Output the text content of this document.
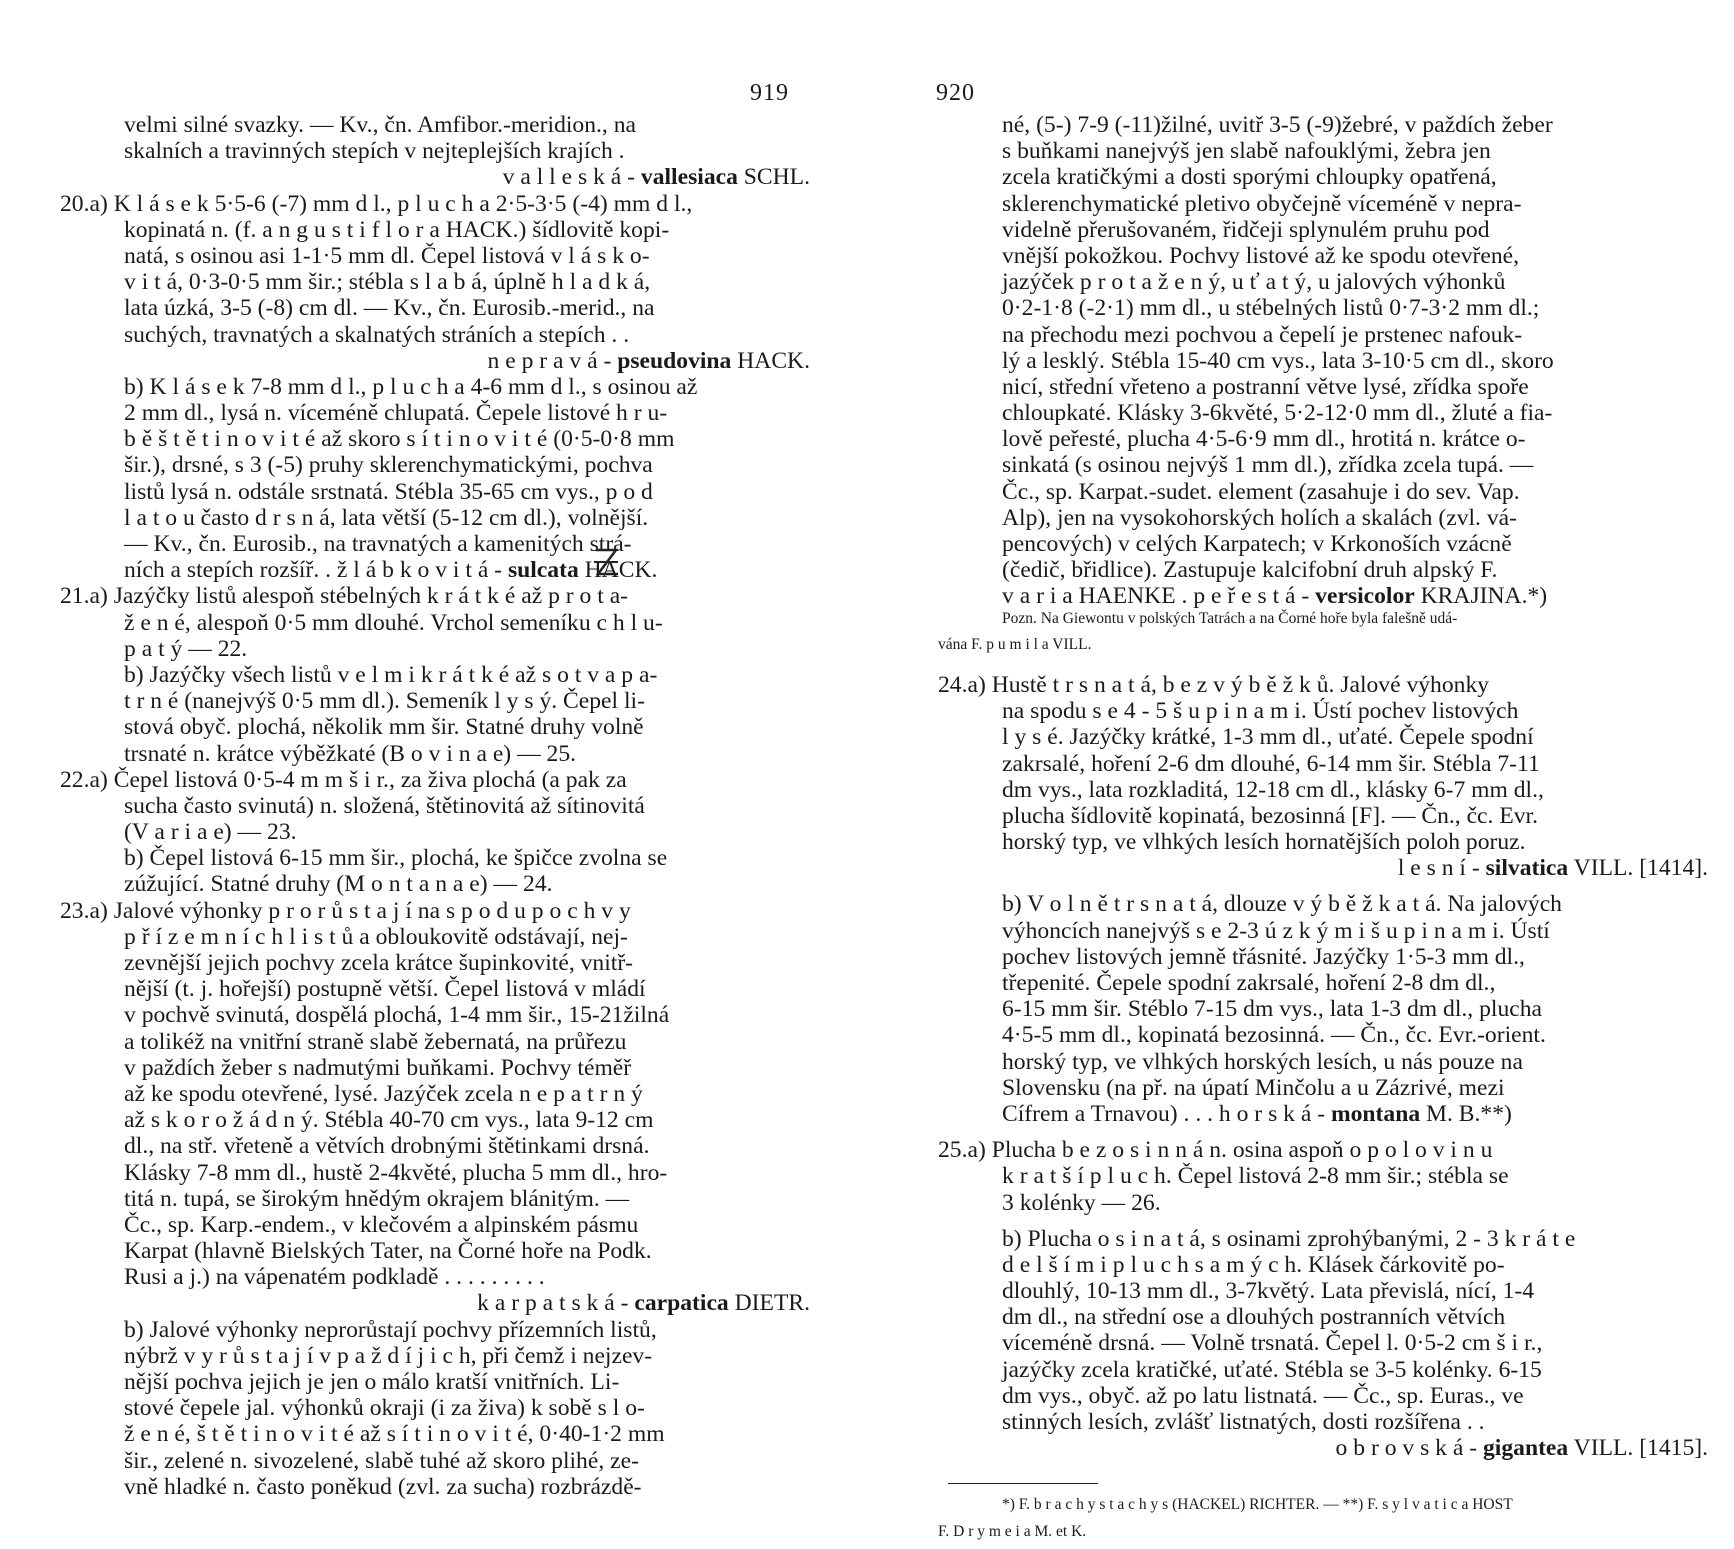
919
velmi silné svazky. — Kv., čn. Amfibor.-meridion., na
skalních a travinných stepích v nejteplejších krajích .
v a l l e s k á - vallesiaca SCHL.
20.a) K l á s e k 5·5-6 (-7) mm d l., p l u c h a 2·5-3·5 (-4) mm d l.,
kopinatá n. (f. a n g u s t i f l o r a HACK.) šídlovitě kopi-
natá, s osinou asi 1-1·5 mm dl. Čepel listová v l á s k o-
v i t á, 0·3-0·5 mm šir.; stébla s l a b á, úplně h l a d k á,
lata úzká, 3-5 (-8) cm dl. — Kv., čn. Eurosib.-merid., na
suchých, travnatých a skalnatých stráních a stepích . .
n e p r a v á - pseudovina HACK.
b) K l á s e k 7-8 mm d l., p l u c h a 4-6 mm d l., s osinou až
2 mm dl., lysá n. víceméně chlupatá. Čepele listové h r u-
b ě š t ě t i n o v i t é až skoro s í t i n o v i t é (0·5-0·8 mm
šir.), drsné, s 3 (-5) pruhy sklerenchymatickými, pochva
listů lysá n. odstále srstnatá. Stébla 35-65 cm vys., p o d
l a t o u často d r s n á, lata větší (5-12 cm dl.), volnější.
— Kv., čn. Eurosib., na travnatých a kamenitých strá-
ních a stepích rozšíř. . ž l á b k o v i t á - sulcata HACK.
21.a) Jazýčky listů alespoň stébelných k r á t k é až p r o t a-
ž e n é, alespoň 0·5 mm dlouhé. Vrchol semeníku c h l u-
p a t ý — 22.
b) Jazýčky všech listů v e l m i k r á t k é až s o t v a p a-
t r n é (nanejvýš 0·5 mm dl.). Semeník l y s ý. Čepel li-
stová obyč. plochá, několik mm šir. Statné druhy volně
trsnaté n. krátce výběžkaté (B o v i n a e) — 25.
22.a) Čepel listová 0·5-4 m m š i r., za živa plochá (a pak za
sucha často svinutá) n. složená, štětinovitá až sítinovitá
(V a r i a e) — 23.
b) Čepel listová 6-15 mm šir., plochá, ke špičce zvolna se
zúžující. Statné druhy (M o n t a n a e) — 24.
23.a) Jalové výhonky p r o r ů s t a j í na s p o d u p o c h v y
p ř í z e m n í c h l i s t ů a obloukovitě odstávají, nej-
zevnější jejich pochvy zcela krátce šupinkovité, vnitř-
nější (t. j. hořejší) postupně větší. Čepel listová v mládí
v pochvě svinutá, dospělá plochá, 1-4 mm šir., 15-21žilná
a tolikéž na vnitřní straně slabě žebernatá, na průřezu
v paždích žeber s nadmutými buňkami. Pochvy téměř
až ke spodu otevřené, lysé. Jazýček zcela n e p a t r n ý
až s k o r o ž á d n ý. Stébla 40-70 cm vys., lata 9-12 cm
dl., na stř. vřeteně a větvích drobnými štětinkami drsná.
Klásky 7-8 mm dl., hustě 2-4květé, plucha 5 mm dl., hro-
titá n. tupá, se širokým hnědým okrajem blánitým. —
Čc., sp. Karp.-endem., v klečovém a alpinském pásmu
Karpat (hlavně Bielských Tater, na Čorné hoře na Podk.
Rusi a j.) na vápenatém podkladě . . . . . . . . .
k a r p a t s k á - carpatica DIETR.
b) Jalové výhonky neprorůstají pochvy přízemních listů,
nýbrž v y r ů s t a j í v p a ž d í j i c h, při čemž i nejzev-
nější pochva jejich je jen o málo kratší vnitřních. Li-
stové čepele jal. výhonků okraji (i za živa) k sobě s l o-
ž e n é, š t ě t i n o v i t é až s í t i n o v i t é, 0·40-1·2 mm
šir., zelené n. sivozelené, slabě tuhé až skoro plihé, ze-
vně hladké n. často poněkud (zvl. za sucha) rozbrázdě-
920
né, (5-) 7-9 (-11)žilné, uvitř 3-5 (-9)žebré, v paždích žeber
s buňkami nanejvýš jen slabě nafouklými, žebra jen
zcela kratičkými a dosti sporými chloupky opatřená,
sklerenchymatické pletivo obyčejně víceméně v nepra-
videlně přerušovaném, řidčeji splynulém pruhu pod
vnější pokožkou. Pochvy listové až ke spodu otevřené,
jazýček p r o t a ž e n ý, u ť a t ý, u jalových výhonků
0·2-1·8 (-2·1) mm dl., u stébelných listů 0·7-3·2 mm dl.;
na přechodu mezi pochvou a čepelí je prstenec nafouk-
lý a lesklý. Stébla 15-40 cm vys., lata 3-10·5 cm dl., skoro
nicí, střední vřeteno a postranní větve lysé, zřídka spoře
chloupkaté. Klásky 3-6květé, 5·2-12·0 mm dl., žluté a fia-
lově peřesté, plucha 4·5-6·9 mm dl., hrotitá n. krátce o-
sinkatá (s osinou nejvýš 1 mm dl.), zřídka zcela tupá. —
Čc., sp. Karpat.-sudet. element (zasahuje i do sev. Vap.
Alp), jen na vysokohorských holích a skalách (zvl. vá-
pencových) v celých Karpatech; v Krkonoších vzácně
(čedič, břidlice). Zastupuje kalcifobní druh alpský F.
v a r i a HAENKE . p e ř e s t á - versicolor KRAJINA.*)
Pozn. Na Giewontu v polských Tatrách a na Čorné hoře byla falešně udá-
vána F. p u m i l a VILL.
24.a) Hustě t r s n a t á, b e z v ý b ě ž k ů. Jalové výhonky
na spodu s e 4 - 5 š u p i n a m i. Ústí pochev listových
l y s é. Jazýčky krátké, 1-3 mm dl., uťaté. Čepele spodní
zakrsalé, hoření 2-6 dm dlouhé, 6-14 mm šir. Stébla 7-11
dm vys., lata rozkladitá, 12-18 cm dl., klásky 6-7 mm dl.,
plucha šídlovitě kopinatá, bezosinná [F]. — Čn., čc. Evr.
horský typ, ve vlhkých lesích hornatějších poloh poruz.
l e s n í - silvatica VILL. [1414].
b) V o l n ě t r s n a t á, dlouze v ý b ě ž k a t á. Na jalových
výhoncích nanejvýš s e 2-3 ú z k ý m i š u p i n a m i. Ústí
pochev listových jemně třásnité. Jazýčky 1·5-3 mm dl.,
třepenité. Čepele spodní zakrsalé, hoření 2-8 dm dl.,
6-15 mm šir. Stéblo 7-15 dm vys., lata 1-3 dm dl., plucha
4·5-5 mm dl., kopinatá bezosinná. — Čn., čc. Evr.-orient.
horský typ, ve vlhkých horských lesích, u nás pouze na
Slovensku (na př. na úpatí Minčolu a u Zázrivé, mezi
Cífrem a Trnavou) . . . h o r s k á - montana M. B.**)
25.a) Plucha b e z o s i n n á n. osina aspoň o p o l o v i n u
k r a t š í p l u c h. Čepel listová 2-8 mm šir.; stébla se
3 kolénky — 26.
b) Plucha o s i n a t á, s osinami zprohýbanými, 2 - 3 k r á t e
d e l š í m i p l u c h s a m ý c h. Klásek čárkovitě po-
dlouhlý, 10-13 mm dl., 3-7květý. Lata převislá, nící, 1-4
dm dl., na střední ose a dlouhých postranních větvích
víceméně drsná. — Volně trsnatá. Čepel l. 0·5-2 cm š i r.,
jazýčky zcela kratičké, uťaté. Stébla se 3-5 kolénky. 6-15
dm vys., obyč. až po latu listnatá. — Čc., sp. Euras., ve
stinných lesích, zvlášť listnatých, dosti rozšířena . .
o b r o v s k á - gigantea VILL. [1415].
*) F. b r a c h y s t a c h y s (HACKEL) RICHTER. — **) F. s y l v a t i c a HOST
F. D r y m e i a M. et K.
